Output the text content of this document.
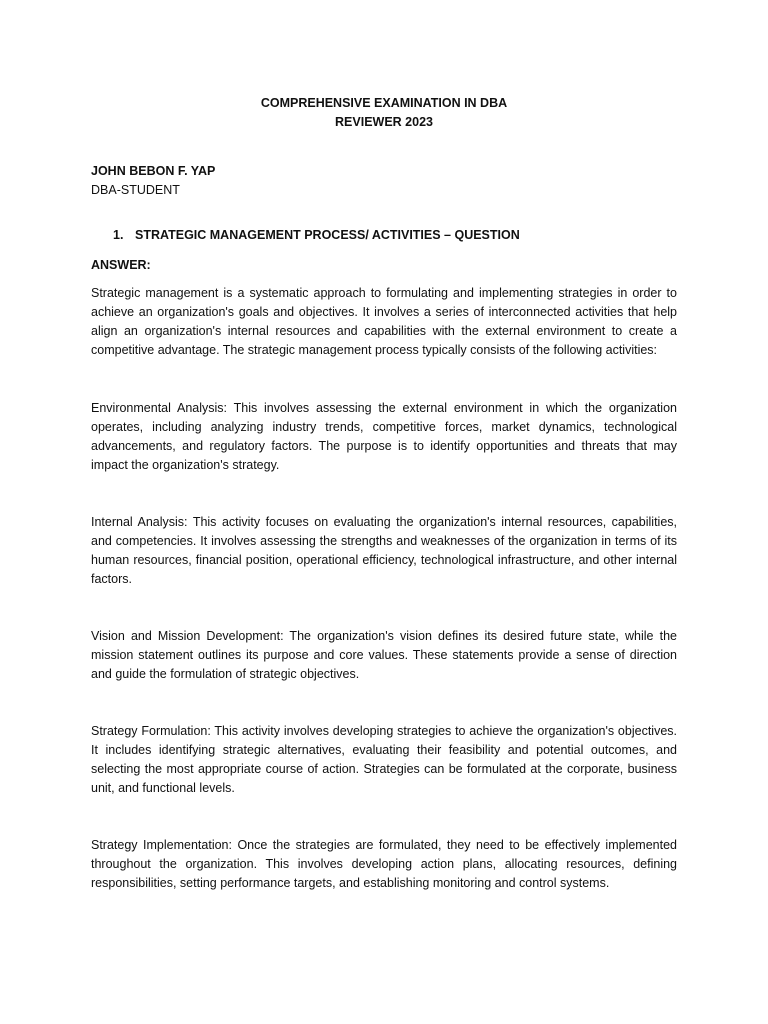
COMPREHENSIVE EXAMINATION IN DBA
REVIEWER 2023
JOHN BEBON F. YAP
DBA-STUDENT
1. STRATEGIC MANAGEMENT PROCESS/ ACTIVITIES – QUESTION
ANSWER:

Strategic management is a systematic approach to formulating and implementing strategies in order to achieve an organization's goals and objectives. It involves a series of interconnected activities that help align an organization's internal resources and capabilities with the external environment to create a competitive advantage. The strategic management process typically consists of the following activities:

Environmental Analysis: This involves assessing the external environment in which the organization operates, including analyzing industry trends, competitive forces, market dynamics, technological advancements, and regulatory factors. The purpose is to identify opportunities and threats that may impact the organization's strategy.

Internal Analysis: This activity focuses on evaluating the organization's internal resources, capabilities, and competencies. It involves assessing the strengths and weaknesses of the organization in terms of its human resources, financial position, operational efficiency, technological infrastructure, and other internal factors.

Vision and Mission Development: The organization's vision defines its desired future state, while the mission statement outlines its purpose and core values. These statements provide a sense of direction and guide the formulation of strategic objectives.

Strategy Formulation: This activity involves developing strategies to achieve the organization's objectives. It includes identifying strategic alternatives, evaluating their feasibility and potential outcomes, and selecting the most appropriate course of action. Strategies can be formulated at the corporate, business unit, and functional levels.

Strategy Implementation: Once the strategies are formulated, they need to be effectively implemented throughout the organization. This involves developing action plans, allocating resources, defining responsibilities, setting performance targets, and establishing monitoring and control systems.
